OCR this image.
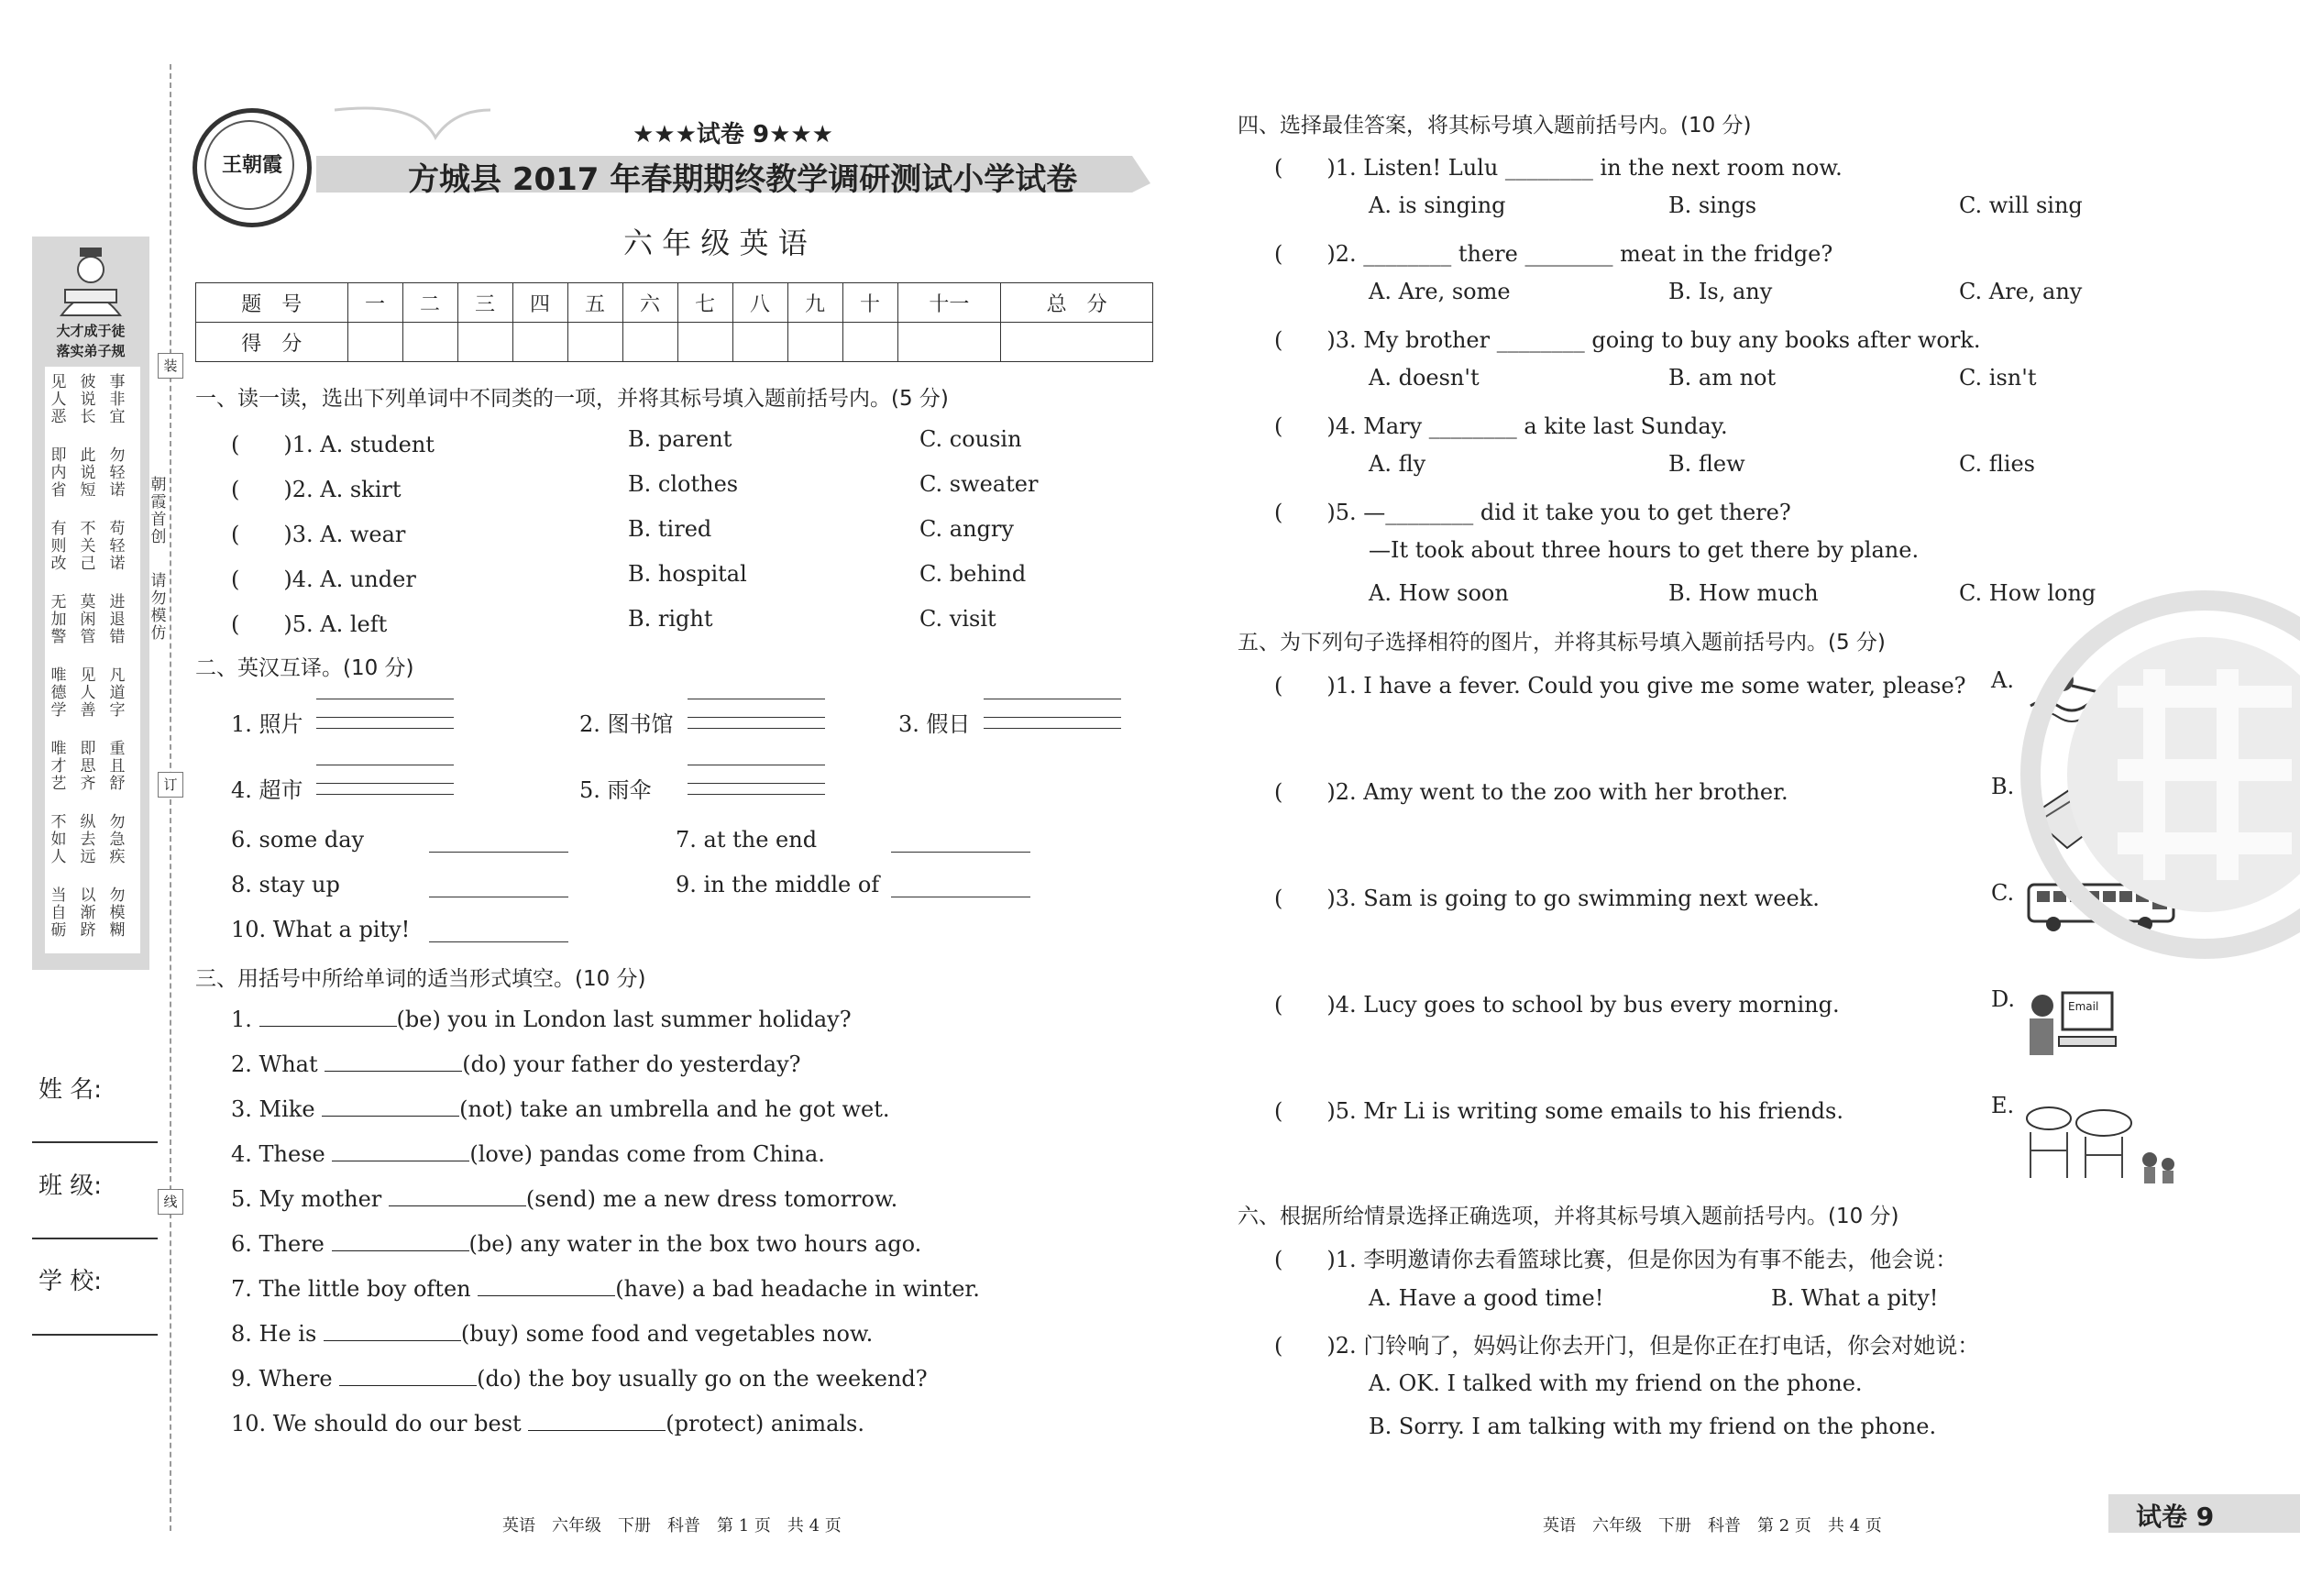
装
订
线
朝霞首创
请勿模仿
大才成于徒
落实弟子规
见人恶
彼说长
事非宜
即内省
此说短
勿轻诺
有则改
不关己
苟轻诺
无加警
莫闲管
进退错
唯德学
见人善
凡道字
唯才艺
即思齐
重且舒
不如人
纵去远
勿急疾
当自砺
以渐跻
勿模糊
姓 名:
班 级:
学 校:
王朝霞
★★★试卷 9★★★
方城县 2017 年春期期终教学调研测试小学试卷
六 年 级 英 语
题　号	一	二	三	四	五	六	七	八	九	十	十一	总　分
得　分												
一、读一读，选出下列单词中不同类的一项，并将其标号填入题前括号内。(5 分)
二、英汉互译。(10 分)
三、用括号中所给单词的适当形式填空。(10 分)
四、选择最佳答案，将其标号填入题前括号内。(10 分)
五、为下列句子选择相符的图片，并将其标号填入题前括号内。(5 分)
Email
六、根据所给情景选择正确选项，并将其标号填入题前括号内。(10 分)
(　　)1. 李明邀请你去看篮球比赛，但是你因为有事不能去，他会说：
A. Have a good time!	B. What a pity!
(　　)2. 门铃响了，妈妈让你去开门，但是你正在打电话，你会对她说：
A. OK. I talked with my friend on the phone.
B. Sorry. I am talking with my friend on the phone.
英语　六年级　下册　科普　第 1 页　共 4 页	英语　六年级　下册　科普　第 2 页　共 4 页	试卷 9
(　　)1. A. student	B. parent	C. cousin
(　　)2. A. skirt	B. clothes	C. sweater
(　　)3. A. wear	B. tired	C. angry
(　　)4. A. under	B. hospital	C. behind
(　　)5. A. left	B. right	C. visit
1. 照片	2. 图书馆	3. 假日
4. 超市	5. 雨伞
6. some day	7. at the end
8. stay up	9. in the middle of
10. What a pity!
1.	(be) you in London last summer holiday?
2. What	(do) your father do yesterday?
3. Mike	(not) take an umbrella and he got wet.
4. These	(love) pandas come from China.
5. My mother	(send) me a new dress tomorrow.
6. There	(be) any water in the box two hours ago.
7. The little boy often	(have) a bad headache in winter.
8. He is	(buy) some food and vegetables now.
9. Where	(do) the boy usually go on the weekend?
10. We should do our best	(protect) animals.
(　　)1. Listen! Lulu ________ in the next room now.
A. is singing	B. sings	C. will sing
(　　)2. ________ there ________ meat in the fridge?
A. Are, some	B. Is, any	C. Are, any
(　　)3. My brother ________ going to buy any books after work.
A. doesn't	B. am not	C. isn't
(　　)4. Mary ________ a kite last Sunday.
A. fly	B. flew	C. flies
(　　)5. —________ did it take you to get there?
—It took about three hours to get there by plane.
A. How soon	B. How much	C. How long
(　　)1. I have a fever. Could you give me some water, please? A.
(　　)2. Amy went to the zoo with her brother.	B.
(　　)3. Sam is going to go swimming next week.	C.
(　　)4. Lucy goes to school by bus every morning.	D.
(　　)5. Mr Li is writing some emails to his friends.	E.
